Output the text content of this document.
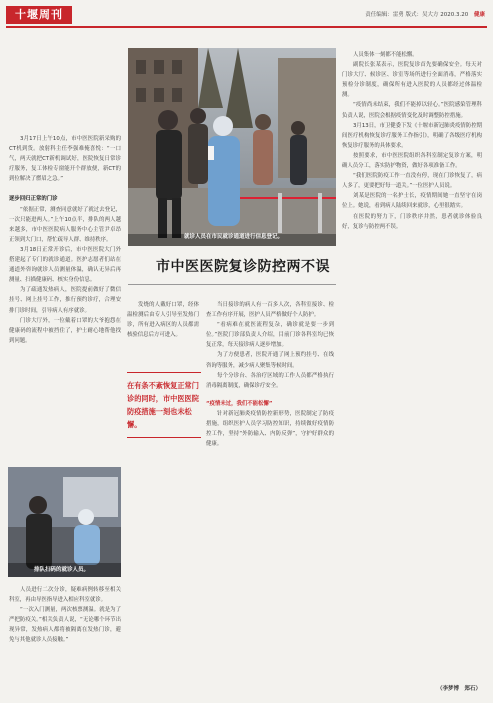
十堰周刊	责任编辑：雷勇 版式：吴大方 2020.3.20 健康
就诊人员在市民就诊通道进行信息登记。
市中医医院复诊防控两不误

3月17日上午10点，市中医医院新采购的CT机到货。放射科主任李强难掩喜悦：“一口气，两天就把CT新机调试好，医院恢复日常诊疗服务，复工体检专窗能开个群放便，新CT的到位解决了燃眉之急。”

逐步回归正常的门诊

“依据正常，测查同意就好了就过去登记，一次只能进两人。”上午10点半，排队的两人越来越多，市中医医院病人服务中心主管尹卓昂正领到大门口，帮忙疏导人群、维持秩序。

3月18日正常开诊后，市中医医院大门外搭建起了专门的就诊通道。医护志愿者们站在通道外咨询就诊人员测量体温，确认无异后再测量、扫描健康码、核实身份信息。

为了疏通发热病人，医院提前做好了微信挂号、网上挂号工作，推行预约诊疗，合理安排门诊时间，引导病人有序就诊。

门诊大厅外，一位戴着口罩的大爷抱怨在健康码的流程中被挡住了，护士耐心地帮他找到问题。

排队扫码的就诊人员。

人员进行二次分诊，疑难病例转移至相关科室，再由导医指导进入相应科室就诊。

“一次入门测量，两次核票测温。就是为了严把防疫关。”相关负责人说，“无论哪个环节出现异常，发热病人都将被隔离在发热门诊，避免与其他就诊人员接触。”

发烧的人戴好口罩，经体温检测后由专人引导至发热门诊，所有进入病区的人员都需核验信息后方可进入。

在有条不紊恢复正常门诊的同时，市中医医院防疫措施一刻也未松懈。

当日接诊的病人有一百多人次，各科室接诊、检查工作有序开展，医护人员严格做好个人防护。

“看病难在就医流程复杂，确诊就是要一步到位。”医院门诊部负责人介绍，目前门诊各科室均已恢复正常，每天接诊病人逐步增加。

为了方便患者，医院开通了网上预约挂号、在线咨询等服务，减少病人聚集等候时间。

每个分诊台、各治疗区域的工作人员都严格执行消毒隔离制度，确保诊疗安全。

“疫情未过，我们不能松懈”

针对新冠肺炎疫情防控新形势，医院制定了防疫措施，组织医护人员学习防控知识，持续做好疫情防控工作，坚持“外防输入、内防反弹”，守护好群众的健康。

人员集体一刻都不能松懈。

副院长张某表示，医院复诊首先要确保安全。每天对门诊大厅、候诊区、诊室等场所进行全面消毒，严格落实预检分诊制度，确保所有进入医院的人员都经过体温检测。

“疫情尚未结束，我们不能掉以轻心。”医院感染管理科负责人说，医院会根据疫情变化及时调整防控措施。

3月13日，市卫健委下发《十堰市新冠肺炎疫情防控期间医疗机构恢复诊疗服务工作指引》，明确了各级医疗机构恢复诊疗服务的具体要求。

按照要求，市中医医院组织各科室制定复诊方案，明确人员分工，落实防护物资，做好各项准备工作。

“我们医院防疫工作一直没有停，现在门诊恢复了，病人多了，更要把好每一道关。”一位医护人员说。

刘某是医院的一名护士长，疫情期间她一直坚守在岗位上。她说，看到病人陆续回来就诊，心里很踏实。

在医院的努力下，门诊秩序井然，患者就诊体验良好，复诊与防控两不误。

（李梦博　郑石）
